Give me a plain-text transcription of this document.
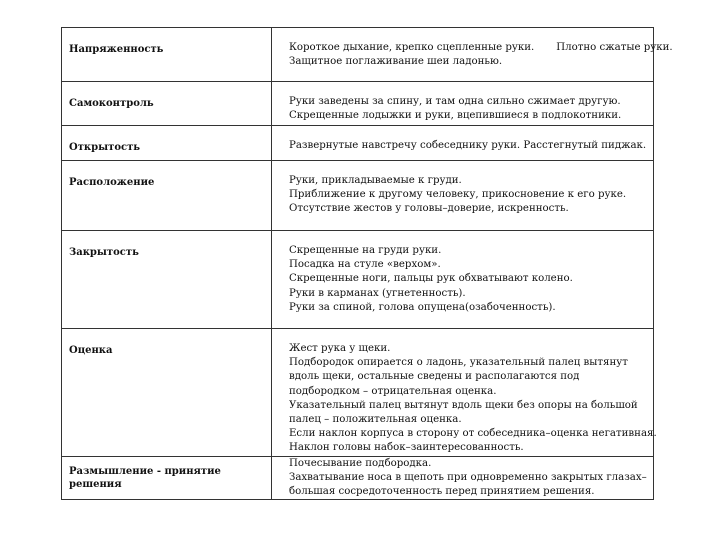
Напряженность	Короткое дыхание, крепко сцепленные руки. Плотно сжатые руки.
Защитное поглаживание шеи ладонью.

Самоконтроль	Руки заведены за спину, и там одна сильно сжимает другую.
Скрещенные лодыжки и руки, вцепившиеся в подлокотники.

Открытость	Развернутые навстречу собеседнику руки. Расстегнутый пиджак.

Расположение	Руки, прикладываемые к груди.
Приближение к другому человеку, прикосновение к его руке.
Отсутствие жестов у головы–доверие, искренность.

Закрытость	Скрещенные на груди руки.
Посадка на стуле «верхом».
Скрещенные ноги, пальцы рук обхватывают колено.
Руки в карманах (угнетенность).
Руки за спиной, голова опущена(озабоченность).

Оценка	Жест рука у щеки.
Подбородок опирается о ладонь, указательный палец вытянут вдоль щеки, остальные сведены и располагаются под подбородком – отрицательная оценка.
Указательный палец вытянут вдоль щеки без опоры на большой палец – положительная оценка.
Если наклон корпуса в сторону от собеседника–оценка негативная.
Наклон головы набок–заинтересованность.

Размышление - принятие решения	Почесывание подбородка.
Захватывание носа в щепоть при одновременно закрытых глазах–большая сосредоточенность перед принятием решения.
